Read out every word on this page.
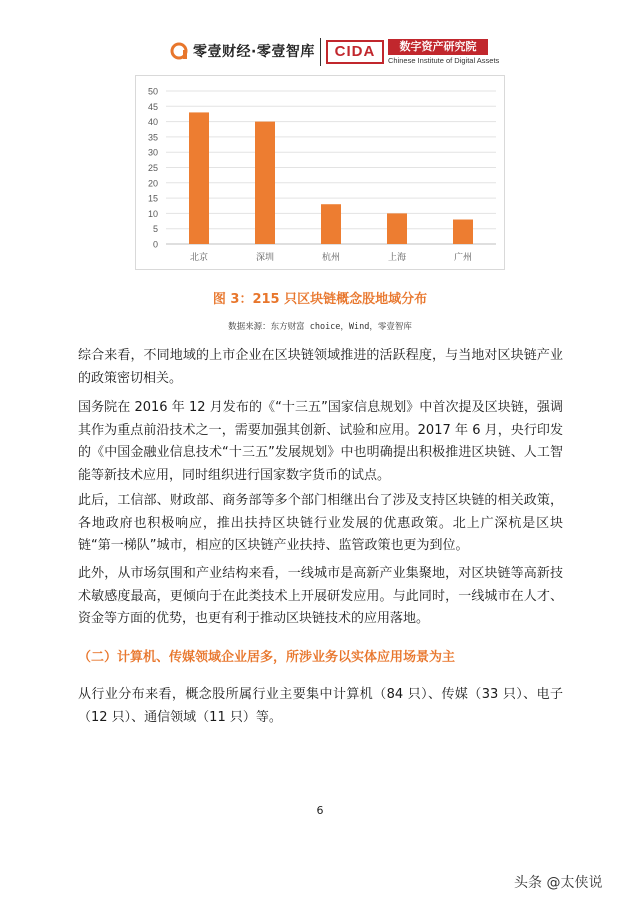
零壹财经·零壹智库	CIDA	数字资产研究院
Chinese Institute of Digital Assets
0
5
10
15
20
25
30
35
40
45
50
北京	深圳	杭州	上海	广州
图 3：215 只区块链概念股地域分布
数据来源：东方财富 choice，Wind，零壹智库

综合来看，不同地域的上市企业在区块链领域推进的活跃程度，与当地对区块链产业的政策密切相关。

国务院在 2016 年 12 月发布的《“十三五”国家信息规划》中首次提及区块链，强调其作为重点前沿技术之一，需要加强其创新、试验和应用。2017 年 6 月，央行印发的《中国金融业信息技术“十三五”发展规划》中也明确提出积极推进区块链、人工智能等新技术应用，同时组织进行国家数字货币的试点。

此后，工信部、财政部、商务部等多个部门相继出台了涉及支持区块链的相关政策，各地政府也积极响应，推出扶持区块链行业发展的优惠政策。北上广深杭是区块链“第一梯队”城市，相应的区块链产业扶持、监管政策也更为到位。

此外，从市场氛围和产业结构来看，一线城市是高新产业集聚地，对区块链等高新技术敏感度最高，更倾向于在此类技术上开展研发应用。与此同时，一线城市在人才、资金等方面的优势，也更有利于推动区块链技术的应用落地。

（二）计算机、传媒领域企业居多，所涉业务以实体应用场景为主

从行业分布来看，概念股所属行业主要集中计算机（84 只）、传媒（33 只）、电子（12 只）、通信领域（11 只）等。

6
头条 @太侠说
